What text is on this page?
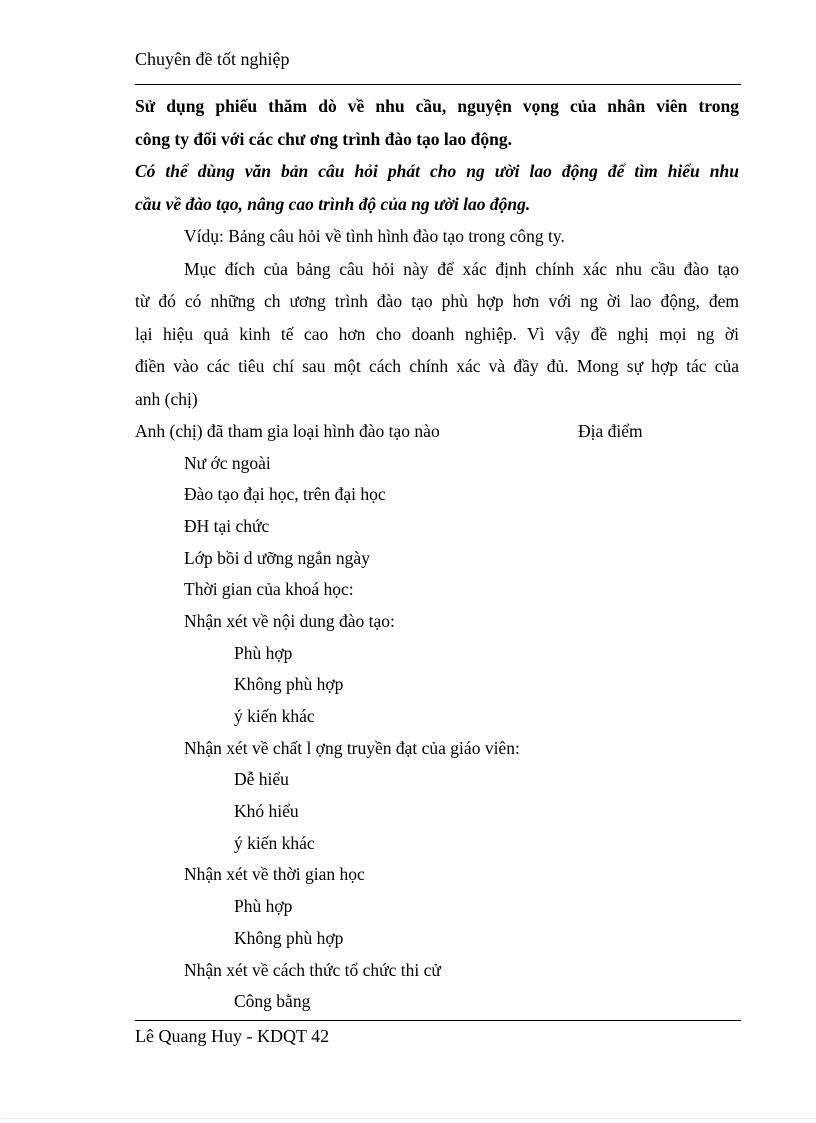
Chuyên đề tốt nghiệp
Sử dụng phiếu thăm dò về nhu cầu, nguyện vọng của nhân viên trong
công ty đối với các chư ơng trình đào tạo lao động.
Có thể dùng văn bản câu hỏi phát cho ng ười lao động để tìm hiểu nhu
cầu về đào tạo, nâng cao trình độ của ng ười lao động.
Vídụ: Bảng câu hỏi về tình hình đào tạo trong công ty.
Mục đích của bảng câu hỏi này để xác định chính xác nhu cầu đào tạo
từ đó có những ch ương trình đào tạo phù hợp hơn với ng ời lao động, đem
lại hiệu quả kinh tế cao hơn cho doanh nghiệp. Vì vậy đề nghị mọi ng ời
điền vào các tiêu chí sau một cách chính xác và đầy đủ. Mong sự hợp tác của
anh (chị)
Anh (chị) đã tham gia loại hình đào tạo nào	Địa điểm
Nư ớc ngoài
Đào tạo đại học, trên đại học
ĐH tại chức
Lớp bồi d ưỡng ngắn ngày
Thời gian của khoá học:
Nhận xét về nội dung đào tạo:
Phù hợp
Không phù hợp
ý kiến khác
Nhận xét về chất l ợng truyền đạt của giáo viên:
Dễ hiểu
Khó hiểu
ý kiến khác
Nhận xét về thời gian học
Phù hợp
Không phù hợp
Nhận xét về cách thức tổ chức thi cử
Công bằng
Lê Quang Huy - KDQT 42
